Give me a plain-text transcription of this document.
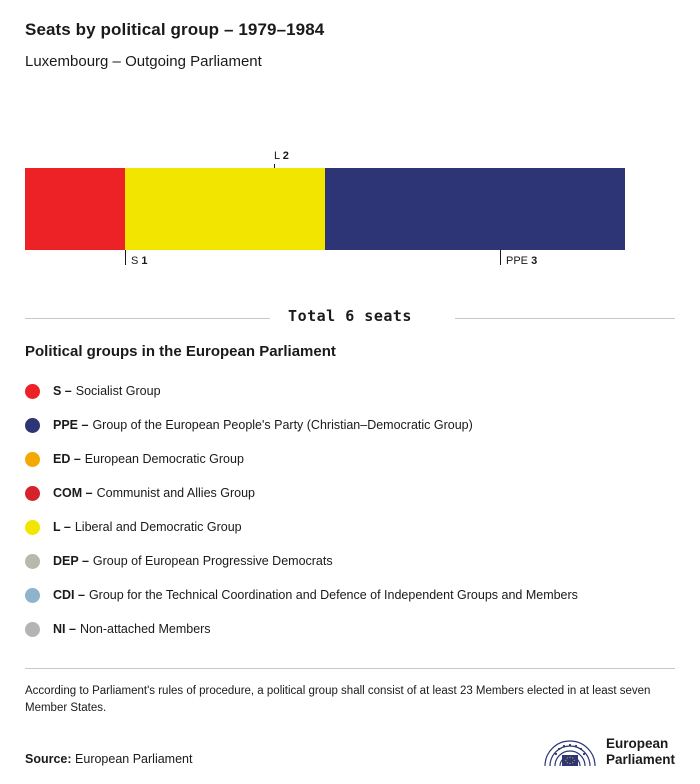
Seats by political group – 1979–1984
Luxembourg – Outgoing Parliament
L 2
S 1	PPE 3
Total 6 seats
Political groups in the European Parliament
S – Socialist Group
PPE – Group of the European People's Party (Christian–Democratic Group)
ED – European Democratic Group
COM – Communist and Allies Group
L – Liberal and Democratic Group
DEP – Group of European Progressive Democrats
CDI – Group for the Technical Coordination and Defence of Independent Groups and Members
NI – Non-attached Members
According to Parliament's rules of procedure, a political group shall consist of at least 23 Members elected in at least seven Member States.
Source: European Parliament
European
Parliament
